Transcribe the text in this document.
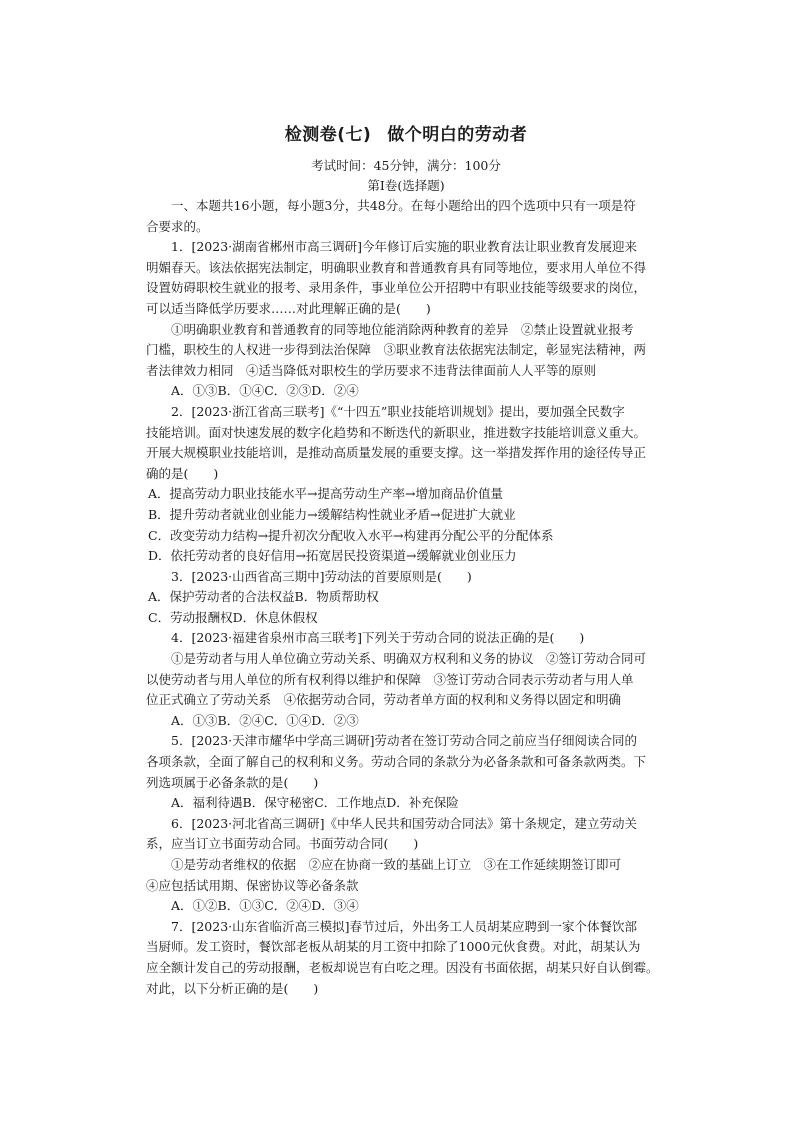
检测卷(七) 做个明白的劳动者
考试时间：45分钟，满分：100分
第Ⅰ卷(选择题)

一、本题共16小题，每小题3分，共48分。在每小题给出的四个选项中只有一项是符

合要求的。

1．[2023·湖南省郴州市高三调研]今年修订后实施的职业教育法让职业教育发展迎来

明媚春天。该法依据宪法制定，明确职业教育和普通教育具有同等地位，要求用人单位不得

设置妨碍职校生就业的报考、录用条件，事业单位公开招聘中有职业技能等级要求的岗位，

可以适当降低学历要求……对此理解正确的是(　　)

①明确职业教育和普通教育的同等地位能消除两种教育的差异　②禁止设置就业报考

门槛，职校生的人权进一步得到法治保障　③职业教育法依据宪法制定，彰显宪法精神，两

者法律效力相同　④适当降低对职校生的学历要求不违背法律面前人人平等的原则

A．①③B．①④C．②③D．②④

2．[2023·浙江省高三联考]《“十四五”职业技能培训规划》提出，要加强全民数字

技能培训。面对快速发展的数字化趋势和不断迭代的新职业，推进数字技能培训意义重大。

开展大规模职业技能培训，是推动高质量发展的重要支撑。这一举措发挥作用的途径传导正

确的是(　　)

A．提高劳动力职业技能水平→提高劳动生产率→增加商品价值量

B．提升劳动者就业创业能力→缓解结构性就业矛盾→促进扩大就业

C．改变劳动力结构→提升初次分配收入水平→构建再分配公平的分配体系

D．依托劳动者的良好信用→拓宽居民投资渠道→缓解就业创业压力

3．[2023·山西省高三期中]劳动法的首要原则是(　　)

A．保护劳动者的合法权益B．物质帮助权

C．劳动报酬权D．休息休假权

4．[2023·福建省泉州市高三联考]下列关于劳动合同的说法正确的是(　　)

①是劳动者与用人单位确立劳动关系、明确双方权利和义务的协议　②签订劳动合同可

以使劳动者与用人单位的所有权利得以维护和保障　③签订劳动合同表示劳动者与用人单

位正式确立了劳动关系　④依据劳动合同，劳动者单方面的权利和义务得以固定和明确

A．①③B．②④C．①④D．②③

5．[2023·天津市耀华中学高三调研]劳动者在签订劳动合同之前应当仔细阅读合同的

各项条款，全面了解自己的权利和义务。劳动合同的条款分为必备条款和可备条款两类。下

列选项属于必备条款的是(　　)

A．福利待遇B．保守秘密C．工作地点D．补充保险

6．[2023·河北省高三调研]《中华人民共和国劳动合同法》第十条规定，建立劳动关

系，应当订立书面劳动合同。书面劳动合同(　　)

①是劳动者维权的依据　②应在协商一致的基础上订立　③在工作延续期签订即可

④应包括试用期、保密协议等必备条款

A．①②B．①③C．②④D．③④

7．[2023·山东省临沂高三模拟]春节过后，外出务工人员胡某应聘到一家个体餐饮部

当厨师。发工资时，餐饮部老板从胡某的月工资中扣除了1000元伙食费。对此，胡某认为

应全额计发自己的劳动报酬，老板却说岂有白吃之理。因没有书面依据，胡某只好自认倒霉。

对此，以下分析正确的是(　　)
